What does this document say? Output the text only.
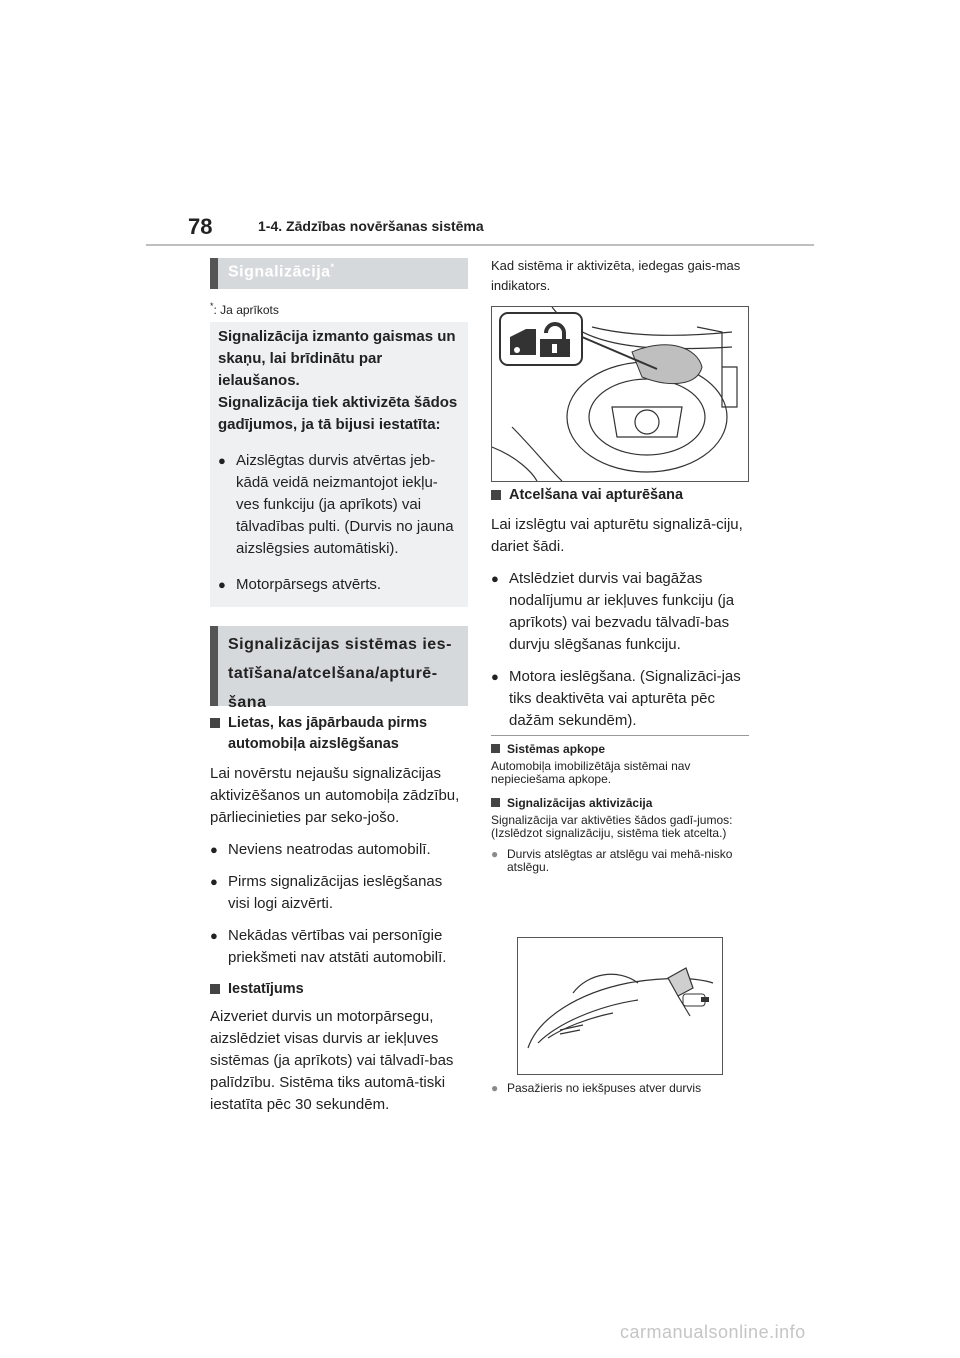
78	1-4. Zādzības novēršanas sistēma
Signalizācija*
*: Ja aprīkots
Signalizācija izmanto gaismas un skaņu, lai brīdinātu par ielaušanos.
Signalizācija tiek aktivizēta šādos gadījumos, ja tā bijusi iestatīta:
● Aizslēgtas durvis atvērtas jeb-kādā veidā neizmantojot iekļu-ves funkciju (ja aprīkots) vai tālvadības pulti. (Durvis no jauna aizslēgsies automātiski).
● Motorpārsegs atvērts.
Signalizācijas sistēmas ies-tatīšana/atcelšana/apturē-šana
Lietas, kas jāpārbauda pirms automobiļa aizslēgšanas
Lai novērstu nejaušu signalizācijas aktivizēšanos un automobiļa zādzību, pārliecinieties par seko-jošo.
● Neviens neatrodas automobilī.
● Pirms signalizācijas ieslēgšanas visi logi aizvērti.
● Nekādas vērtības vai personīgie priekšmeti nav atstāti automobilī.
Iestatījums
Aizveriet durvis un motorpārsegu, aizslēdziet visas durvis ar iekļuves sistēmas (ja aprīkots) vai tālvadī-bas palīdzību. Sistēma tiks automā-tiski iestatīta pēc 30 sekundēm.
Kad sistēma ir aktivizēta, iedegas gais-mas indikators.
Atcelšana vai apturēšana
Lai izslēgtu vai apturētu signalizā-ciju, dariet šādi.
● Atslēdziet durvis vai bagāžas nodalījumu ar iekļuves funkciju (ja aprīkots) vai bezvadu tālvadī-bas durvju slēgšanas funkciju.
● Motora ieslēgšana. (Signalizāci-jas tiks deaktivēta vai apturēta pēc dažām sekundēm).
Sistēmas apkope
Automobiļa imobilizētāja sistēmai nav nepieciešama apkope.
Signalizācijas aktivizācija
Signalizācija var aktivēties šādos gadī-jumos:
(Izslēdzot signalizāciju, sistēma tiek atcelta.)
● Durvis atslēgtas ar atslēgu vai mehā-nisko atslēgu.
● Pasažieris no iekšpuses atver durvis
carmanualsonline.info
